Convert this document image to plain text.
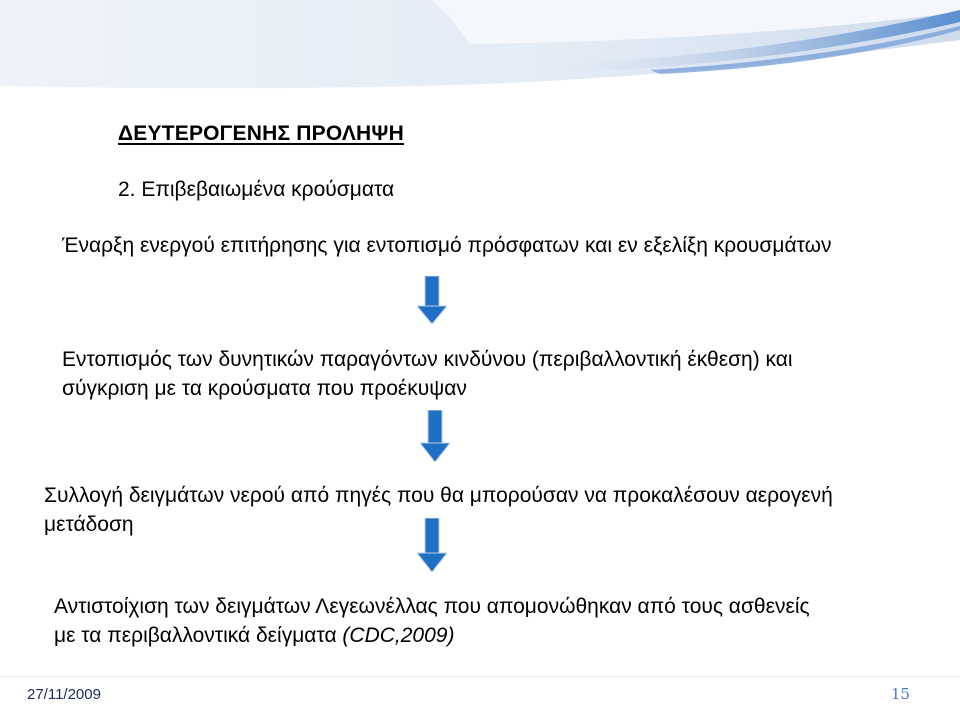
ΔΕΥΤΕΡΟΓΕΝΗΣ ΠΡΟΛΗΨΗ
2. Επιβεβαιωμένα κρούσματα
Έναρξη ενεργού επιτήρησης για εντοπισμό πρόσφατων και εν εξελίξη κρουσμάτων
Εντοπισμός των δυνητικών παραγόντων κινδύνου (περιβαλλοντική έκθεση) και
σύγκριση με τα κρούσματα που προέκυψαν
Συλλογή δειγμάτων νερού από πηγές που θα μπορούσαν να προκαλέσουν αερογενή
μετάδοση
Αντιστοίχιση των δειγμάτων Λεγεωνέλλας που απομονώθηκαν από τους ασθενείς
με τα περιβαλλοντικά δείγματα (CDC,2009)
27/11/2009	15
